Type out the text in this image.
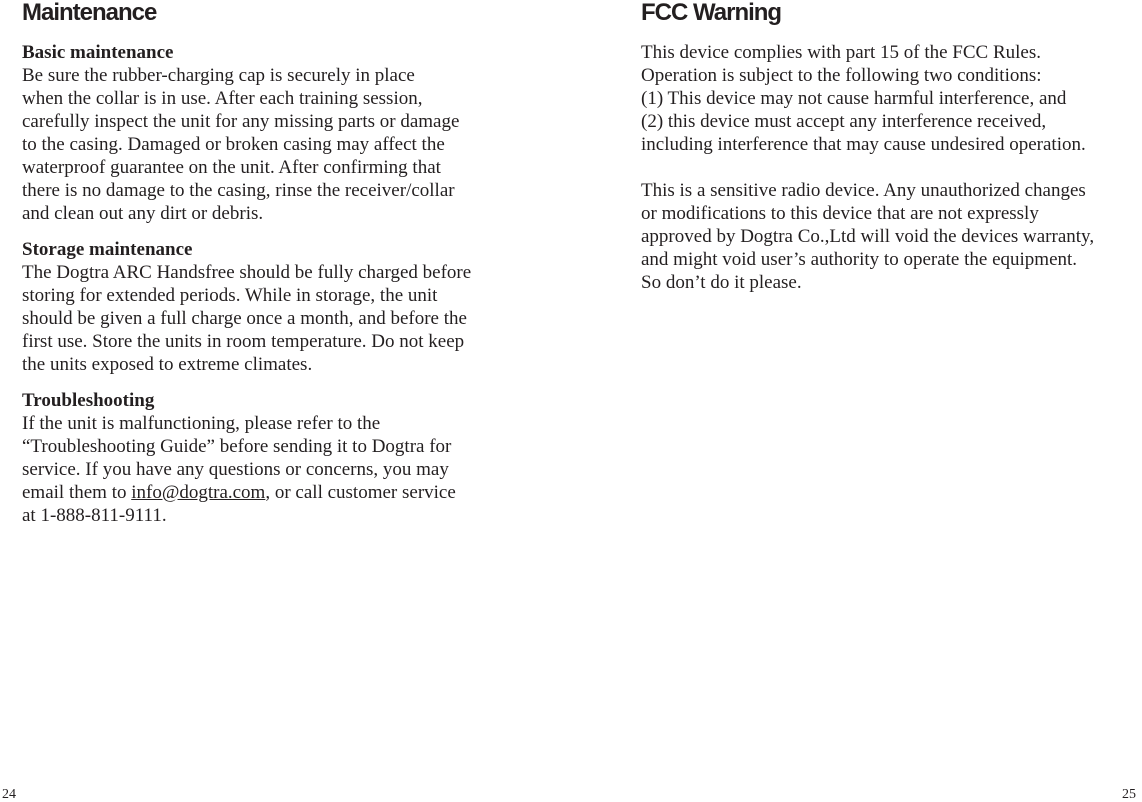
Maintenance
Basic maintenance
Be sure the rubber-charging cap is securely in place
when the collar is in use. After each training session,
carefully inspect the unit for any missing parts or damage
to the casing. Damaged or broken casing may affect the
waterproof guarantee on the unit. After confirming that
there is no damage to the casing, rinse the receiver/collar
and clean out any dirt or debris.
Storage maintenance
The Dogtra ARC Handsfree should be fully charged before
storing for extended periods. While in storage, the unit
should be given a full charge once a month, and before the
first use. Store the units in room temperature. Do not keep
the units exposed to extreme climates.
Troubleshooting
If the unit is malfunctioning, please refer to the
“Troubleshooting Guide” before sending it to Dogtra for
service. If you have any questions or concerns, you may
email them to info@dogtra.com, or call customer service
at 1-888-811-9111.
FCC Warning
This device complies with part 15 of the FCC Rules.
Operation is subject to the following two conditions:
(1) This device may not cause harmful interference, and
(2) this device must accept any interference received,
including interference that may cause undesired operation.
This is a sensitive radio device. Any unauthorized changes
or modifications to this device that are not expressly
approved by Dogtra Co.,Ltd will void the devices warranty,
and might void user’s authority to operate the equipment.
So don’t do it please.
24	25
